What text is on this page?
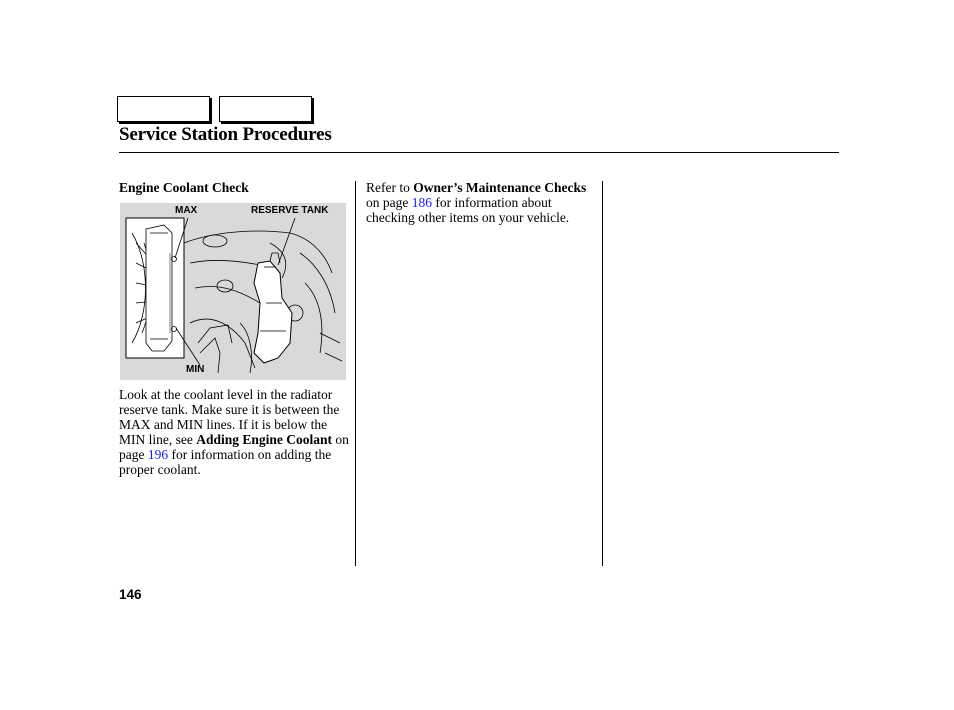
Service Station Procedures
Engine Coolant Check
MAX	RESERVE TANK
MIN
Look at the coolant level in the radiator reserve tank. Make sure it is between the MAX and MIN lines. If it is below the MIN line, see Adding Engine Coolant on page 196 for information on adding the proper coolant.
Refer to Owner’s Maintenance Checks on page 186 for information about checking other items on your vehicle.
146
